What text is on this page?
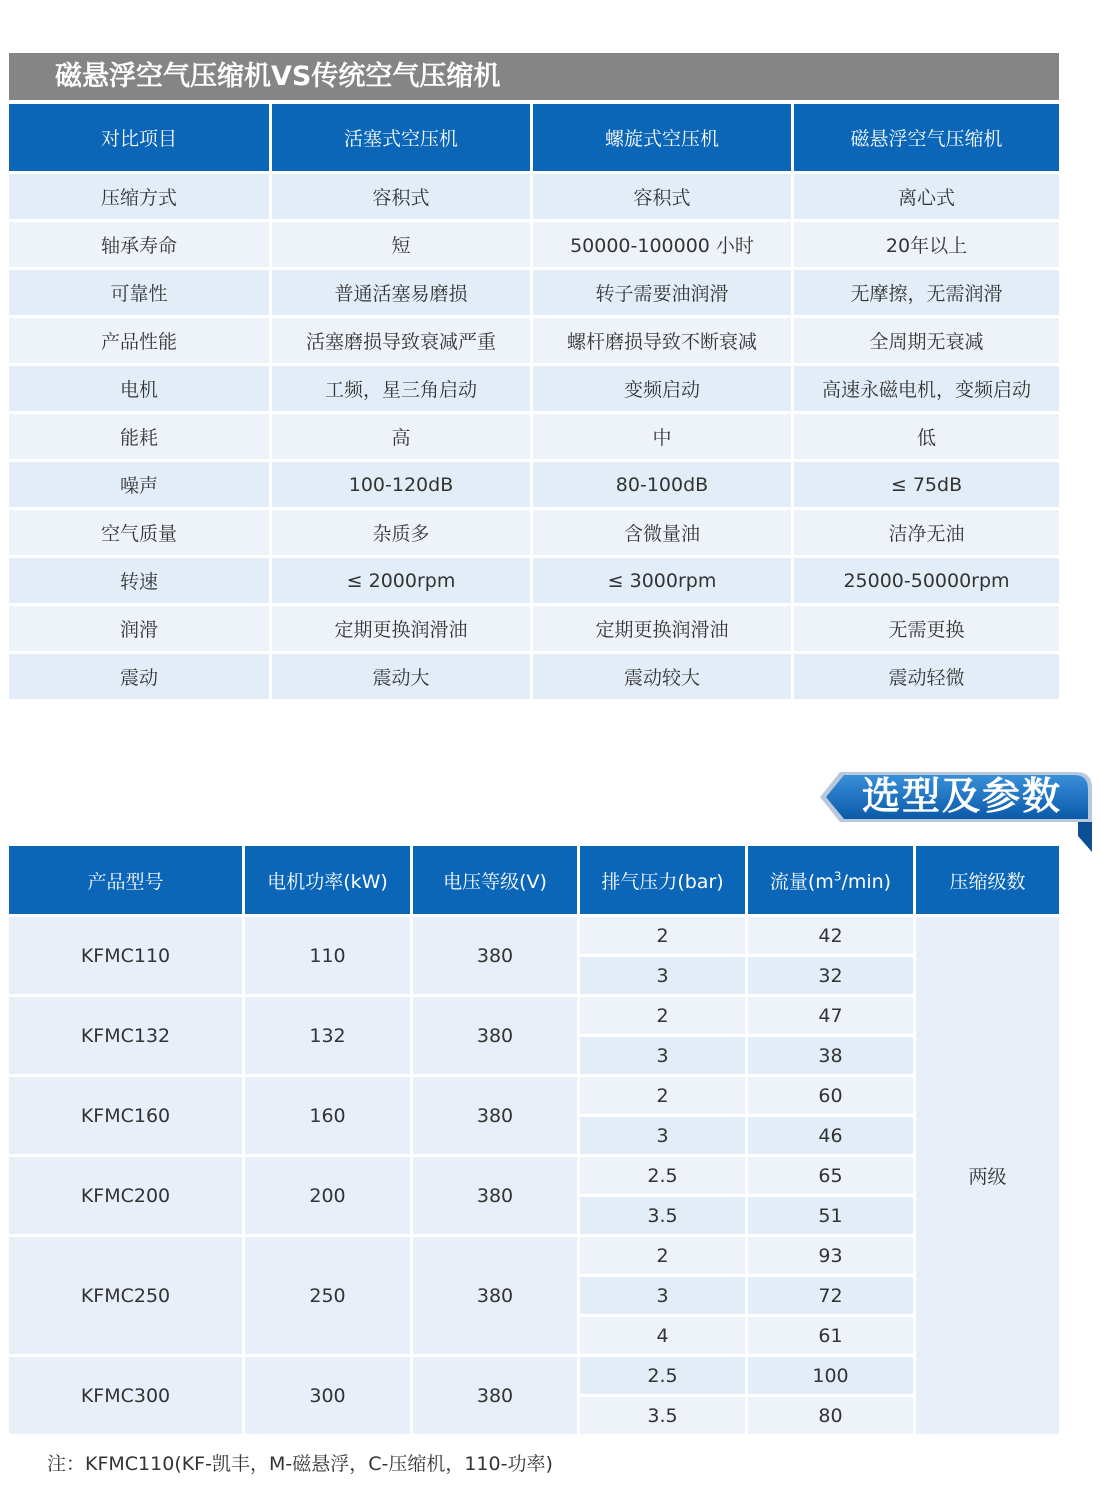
磁悬浮空气压缩机VS传统空气压缩机
对比项目	活塞式空压机	螺旋式空压机	磁悬浮空气压缩机
压缩方式	容积式	容积式	离心式
轴承寿命	短	50000-100000 小时	20年以上
可靠性	普通活塞易磨损	转子需要油润滑	无摩擦，无需润滑
产品性能	活塞磨损导致衰减严重	螺杆磨损导致不断衰减	全周期无衰减
电机	工频，星三角启动	变频启动	高速永磁电机，变频启动
能耗	高	中	低
噪声	100-120dB	80-100dB	≤ 75dB
空气质量	杂质多	含微量油	洁净无油
转速	≤ 2000rpm	≤ 3000rpm	25000-50000rpm
润滑	定期更换润滑油	定期更换润滑油	无需更换
震动	震动大	震动较大	震动轻微
选型及参数
产品型号	电机功率(kW)	电压等级(V)	排气压力(bar)	流量$(m^3/\min)$	压缩级数
KFMC110	110	380	2	42	两级
			3	32	
KFMC132	132	380	2	47	
			3	38	
KFMC160	160	380	2	60	
			3	46	
KFMC200	200	380	2.5	65	
			3.5	51	
KFMC250	250	380	2	93	
			3	72	
			4	61	
KFMC300	300	380	2.5	100	
			3.5	80	
注：KFMC110(KF-凯丰，M-磁悬浮，C-压缩机，110-功率)
